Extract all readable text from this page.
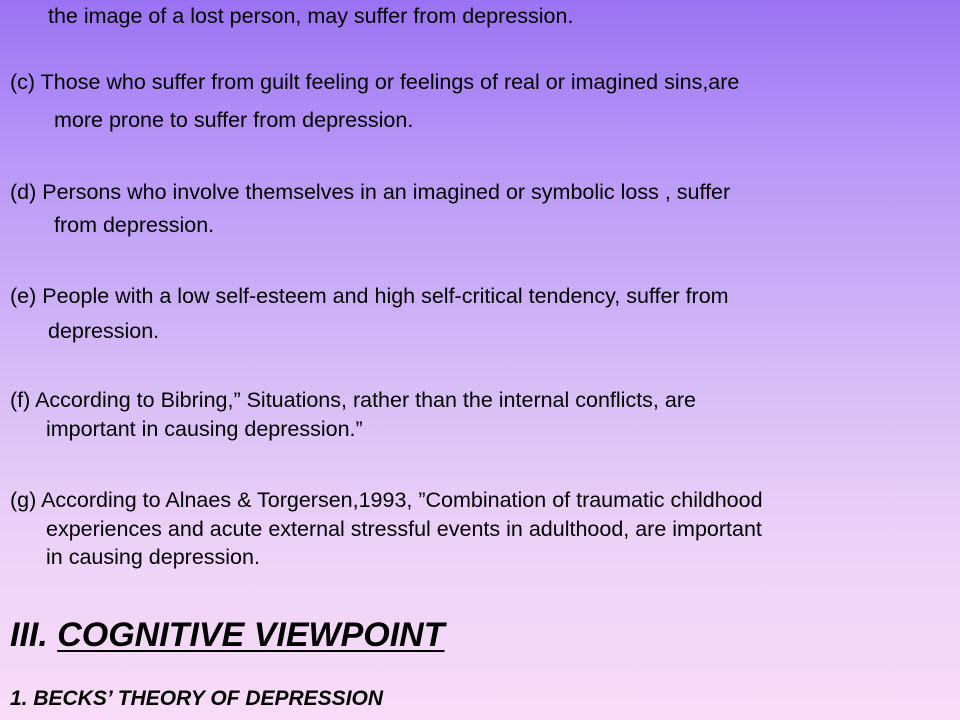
the image of a lost person, may suffer from depression.
(c) Those who suffer from guilt feeling or feelings of real or imagined sins,are
more prone to suffer from depression.
(d) Persons who involve themselves in an imagined or symbolic loss , suffer
from depression.
(e) People with a low self-esteem and high self-critical tendency, suffer from
depression.
(f) According to Bibring,” Situations, rather than the internal conflicts, are
important in causing depression.”
(g) According to Alnaes & Torgersen,1993, ”Combination of traumatic childhood
experiences and acute external stressful events in adulthood, are important
in causing depression.
III. COGNITIVE VIEWPOINT
1. BECKS’ THEORY OF DEPRESSION
